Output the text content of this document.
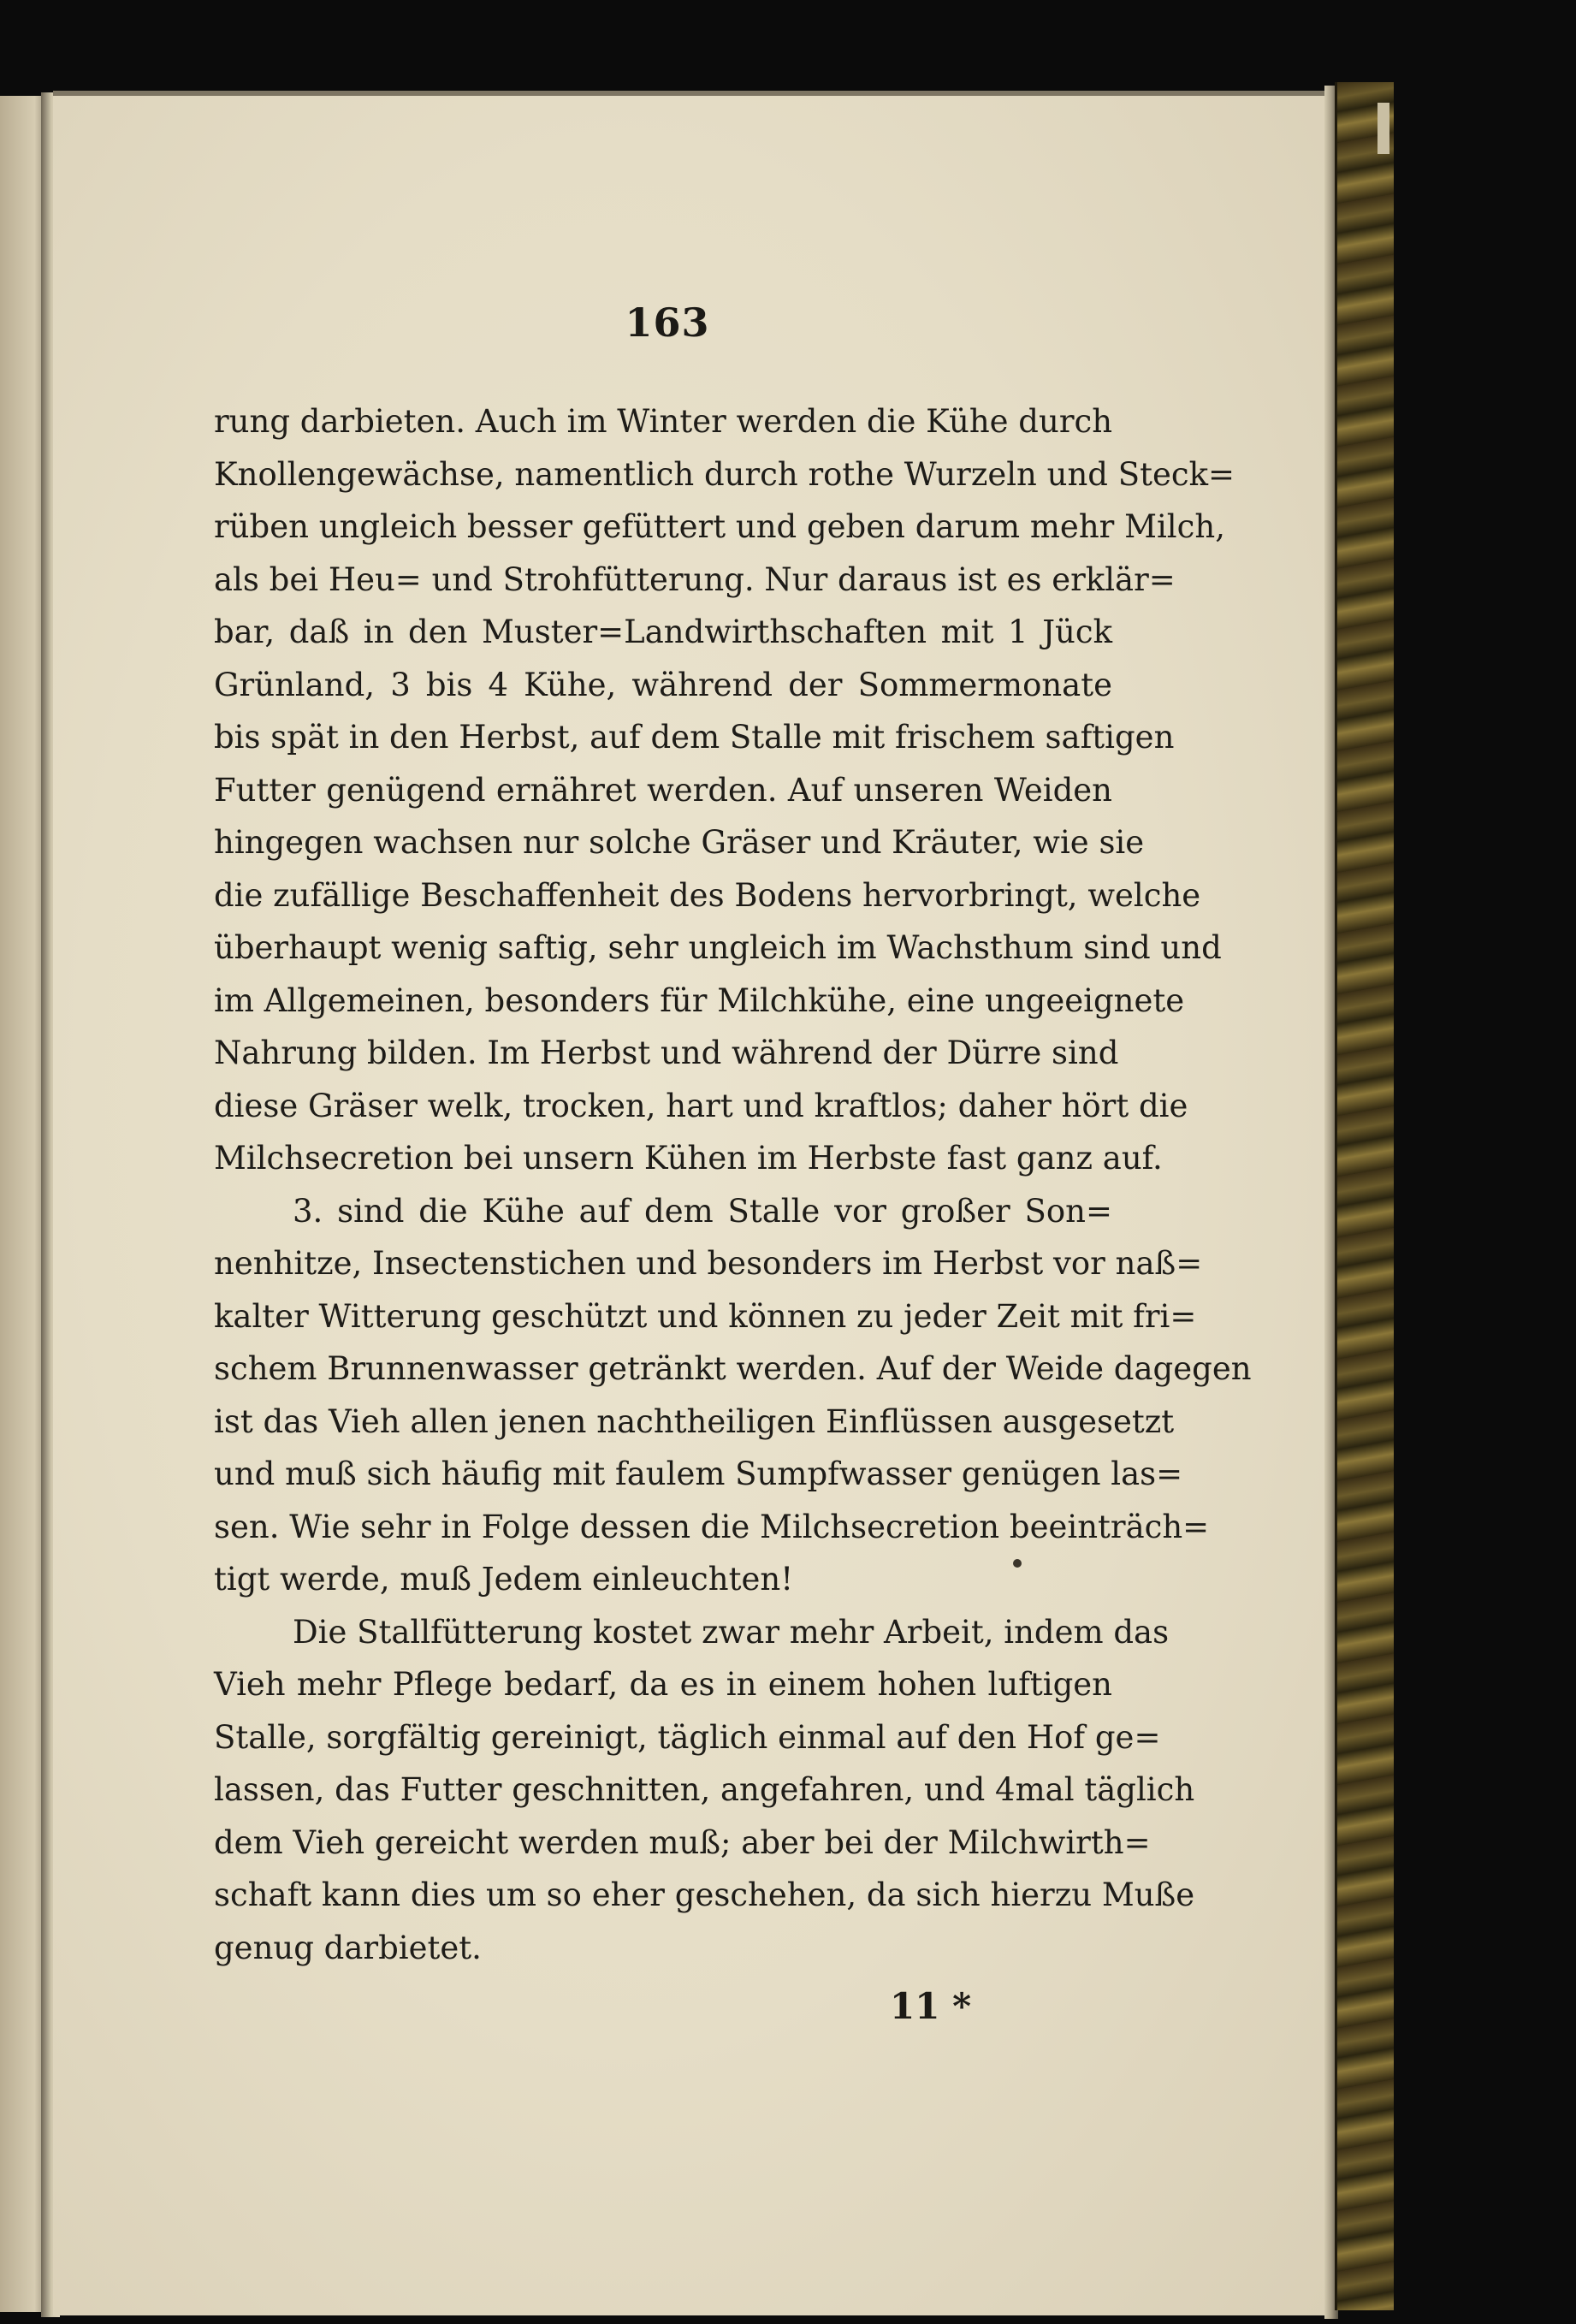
163
rung darbieten. Auch im Winter werden die Kühe durch
Knollengewächse, namentlich durch rothe Wurzeln und Steck=
rüben ungleich besser gefüttert und geben darum mehr Milch,
als bei Heu= und Strohfütterung. Nur daraus ist es erklär=
bar, daß in den Muster=Landwirthschaften mit 1 Jück
Grünland, 3 bis 4 Kühe, während der Sommermonate
bis spät in den Herbst, auf dem Stalle mit frischem saftigen
Futter genügend ernähret werden. Auf unseren Weiden
hingegen wachsen nur solche Gräser und Kräuter, wie sie
die zufällige Beschaffenheit des Bodens hervorbringt, welche
überhaupt wenig saftig, sehr ungleich im Wachsthum sind und
im Allgemeinen, besonders für Milchkühe, eine ungeeignete
Nahrung bilden. Im Herbst und während der Dürre sind
diese Gräser welk, trocken, hart und kraftlos; daher hört die
Milchsecretion bei unsern Kühen im Herbste fast ganz auf.
3. sind die Kühe auf dem Stalle vor großer Son=
nenhitze, Insectenstichen und besonders im Herbst vor naß=
kalter Witterung geschützt und können zu jeder Zeit mit fri=
schem Brunnenwasser getränkt werden. Auf der Weide dagegen
ist das Vieh allen jenen nachtheiligen Einflüssen ausgesetzt
und muß sich häufig mit faulem Sumpfwasser genügen las=
sen. Wie sehr in Folge dessen die Milchsecretion beeinträch=
tigt werde, muß Jedem einleuchten!
Die Stallfütterung kostet zwar mehr Arbeit, indem das
Vieh mehr Pflege bedarf, da es in einem hohen luftigen
Stalle, sorgfältig gereinigt, täglich einmal auf den Hof ge=
lassen, das Futter geschnitten, angefahren, und 4mal täglich
dem Vieh gereicht werden muß; aber bei der Milchwirth=
schaft kann dies um so eher geschehen, da sich hierzu Muße
genug darbietet.
11 *
